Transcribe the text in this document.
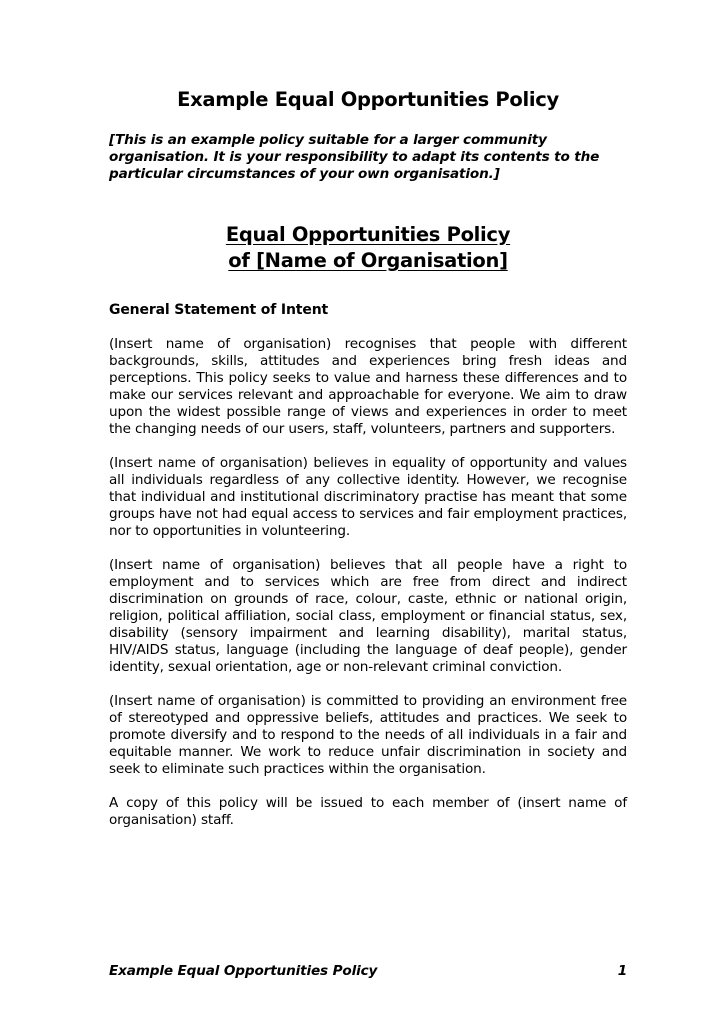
Example Equal Opportunities Policy
[This is an example policy suitable for a larger community organisation. It is your responsibility to adapt its contents to the particular circumstances of your own organisation.]
Equal Opportunities Policy
of [Name of Organisation]
General Statement of Intent

(Insert name of organisation) recognises that people with different backgrounds, skills, attitudes and experiences bring fresh ideas and perceptions. This policy seeks to value and harness these differences and to make our services relevant and approachable for everyone. We aim to draw upon the widest possible range of views and experiences in order to meet the changing needs of our users, staff, volunteers, partners and supporters.

(Insert name of organisation) believes in equality of opportunity and values all individuals regardless of any collective identity. However, we recognise that individual and institutional discriminatory practise has meant that some groups have not had equal access to services and fair employment practices, nor to opportunities in volunteering.

(Insert name of organisation) believes that all people have a right to employment and to services which are free from direct and indirect discrimination on grounds of race, colour, caste, ethnic or national origin, religion, political affiliation, social class, employment or financial status, sex, disability (sensory impairment and learning disability), marital status, HIV/AIDS status, language (including the language of deaf people), gender identity, sexual orientation, age or non-relevant criminal conviction.

(Insert name of organisation) is committed to providing an environment free of stereotyped and oppressive beliefs, attitudes and practices. We seek to promote diversify and to respond to the needs of all individuals in a fair and equitable manner. We work to reduce unfair discrimination in society and seek to eliminate such practices within the organisation.

A copy of this policy will be issued to each member of (insert name of organisation) staff.

Example Equal Opportunities Policy	1
